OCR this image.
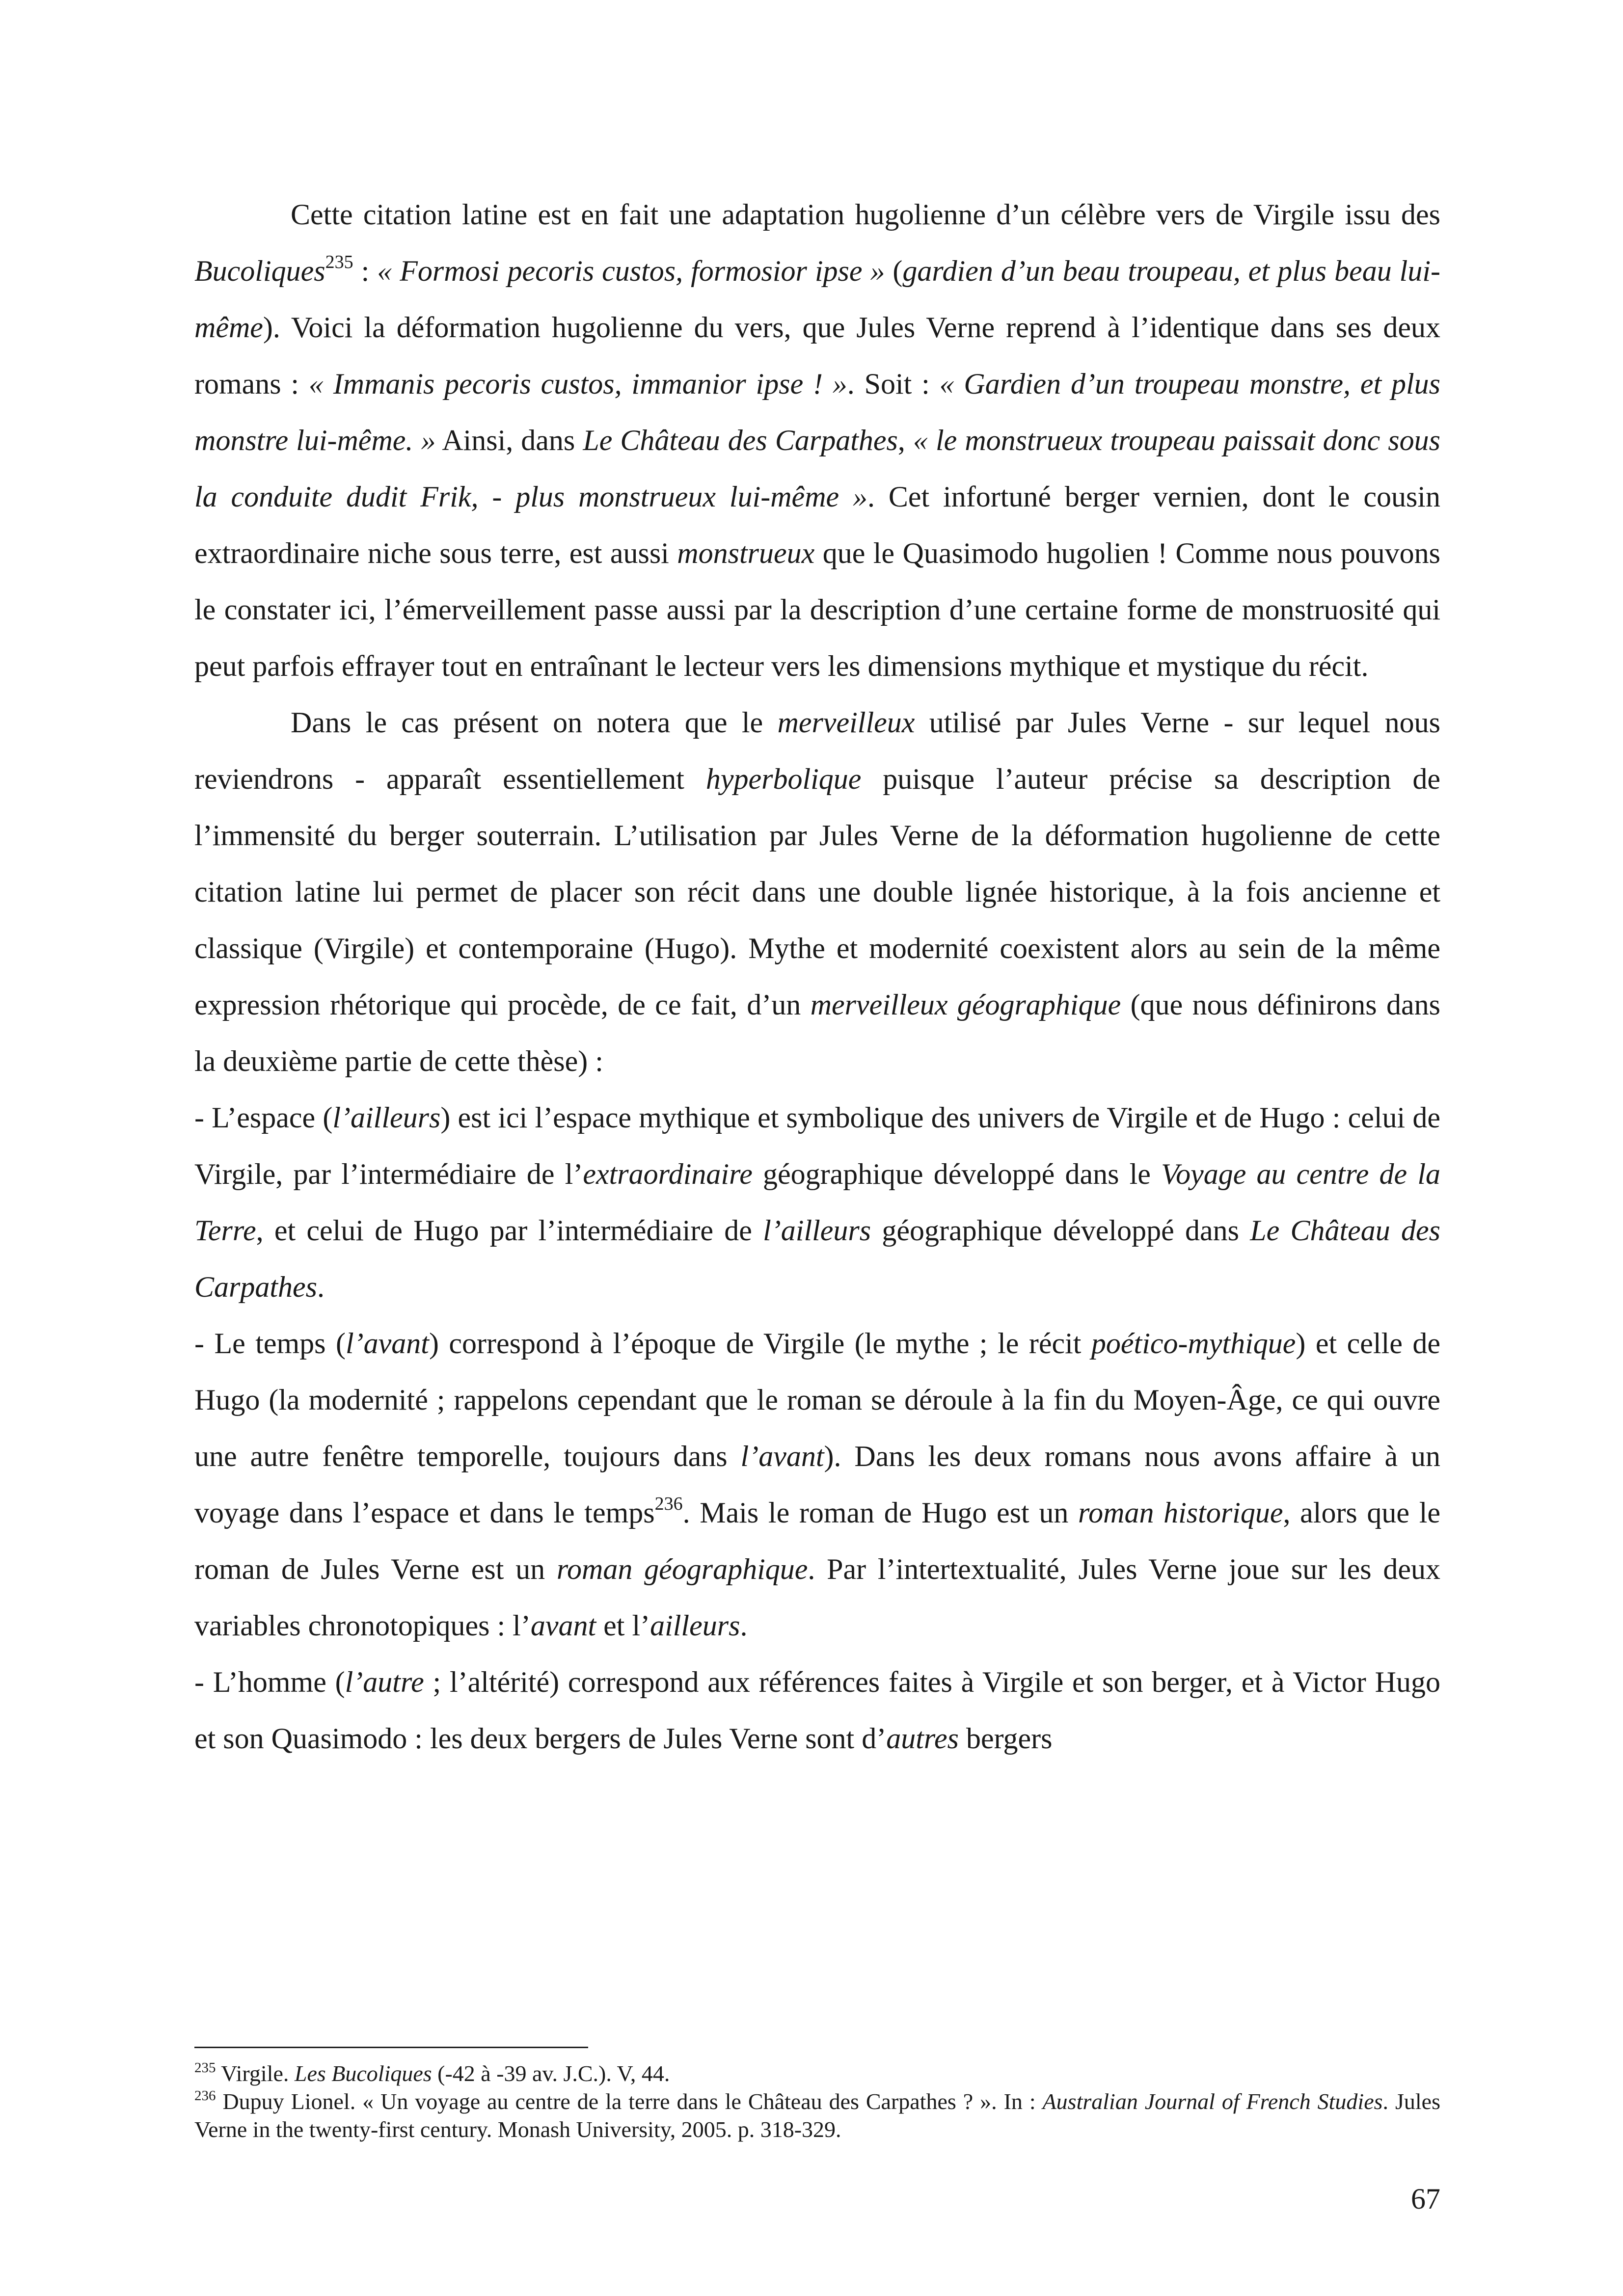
Cette citation latine est en fait une adaptation hugolienne d’un célèbre vers de Virgile issu des Bucoliques$^{235}$ : « Formosi pecoris custos, formosior ipse » (gardien d’un beau troupeau, et plus beau lui-même). Voici la déformation hugolienne du vers, que Jules Verne reprend à l’identique dans ses deux romans : « Immanis pecoris custos, immanior ipse ! ». Soit : « Gardien d’un troupeau monstre, et plus monstre lui-même. » Ainsi, dans Le Château des Carpathes, « le monstrueux troupeau paissait donc sous la conduite dudit Frik, - plus monstrueux lui-même ». Cet infortuné berger vernien, dont le cousin extraordinaire niche sous terre, est aussi monstrueux que le Quasimodo hugolien ! Comme nous pouvons le constater ici, l’émerveillement passe aussi par la description d’une certaine forme de monstruosité qui peut parfois effrayer tout en entraînant le lecteur vers les dimensions mythique et mystique du récit.

Dans le cas présent on notera que le merveilleux utilisé par Jules Verne - sur lequel nous reviendrons - apparaît essentiellement hyperbolique puisque l’auteur précise sa description de l’immensité du berger souterrain. L’utilisation par Jules Verne de la déformation hugolienne de cette citation latine lui permet de placer son récit dans une double lignée historique, à la fois ancienne et classique (Virgile) et contemporaine (Hugo). Mythe et modernité coexistent alors au sein de la même expression rhétorique qui procède, de ce fait, d’un merveilleux géographique (que nous définirons dans la deuxième partie de cette thèse) :

- L’espace (l’ailleurs) est ici l’espace mythique et symbolique des univers de Virgile et de Hugo : celui de Virgile, par l’intermédiaire de l’extraordinaire géographique développé dans le Voyage au centre de la Terre, et celui de Hugo par l’intermédiaire de l’ailleurs géographique développé dans Le Château des Carpathes.

- Le temps (l’avant) correspond à l’époque de Virgile (le mythe ; le récit poético-mythique) et celle de Hugo (la modernité ; rappelons cependant que le roman se déroule à la fin du Moyen-Âge, ce qui ouvre une autre fenêtre temporelle, toujours dans l’avant). Dans les deux romans nous avons affaire à un voyage dans l’espace et dans le temps$^{236}$. Mais le roman de Hugo est un roman historique, alors que le roman de Jules Verne est un roman géographique. Par l’intertextualité, Jules Verne joue sur les deux variables chronotopiques : l’avant et l’ailleurs.

- L’homme (l’autre ; l’altérité) correspond aux références faites à Virgile et son berger, et à Victor Hugo et son Quasimodo : les deux bergers de Jules Verne sont d’autres bergers

$^{235}$ Virgile. Les Bucoliques (-42 à -39 av. J.C.). V, 44.

$^{236}$ Dupuy Lionel. « Un voyage au centre de la terre dans le Château des Carpathes ? ». In : Australian Journal of French Studies. Jules Verne in the twenty-first century. Monash University, 2005. p. 318-329.

67
